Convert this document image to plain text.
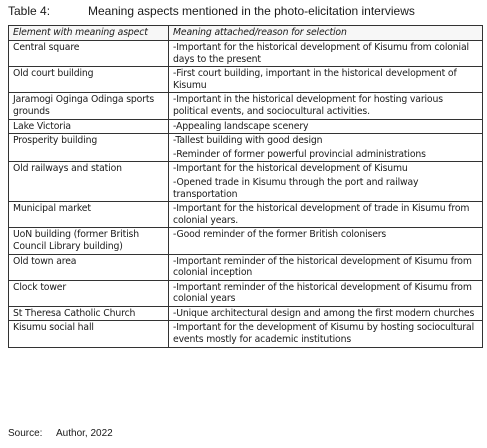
Table 4:	Meaning aspects mentioned in the photo-elicitation interviews
Element with meaning aspect	Meaning attached/reason for selection
Central square	-Important for the historical development of Kisumu from colonial days to the present

Old court building	-First court building, important in the historical development of Kisumu

Jaramogi Oginga Odinga sports grounds	-Important in the historical development for hosting various political events, and sociocultural activities.

Lake Victoria	-Appealing landscape scenery

Prosperity building	-Tallest building with good design
-Reminder of former powerful provincial administrations

Old railways and station	-Important for the historical development of Kisumu
-Opened trade in Kisumu through the port and railway transportation

Municipal market	-Important for the historical development of trade in Kisumu from colonial years.

UoN building (former British Council Library building)	-Good reminder of the former British colonisers

Old town area	-Important reminder of the historical development of Kisumu from colonial inception

Clock tower	-Important reminder of the historical development of Kisumu from colonial years

St Theresa Catholic Church	-Unique architectural design and among the first modern churches

Kisumu social hall	-Important for the development of Kisumu by hosting sociocultural events mostly for academic institutions
Source: Author, 2022
